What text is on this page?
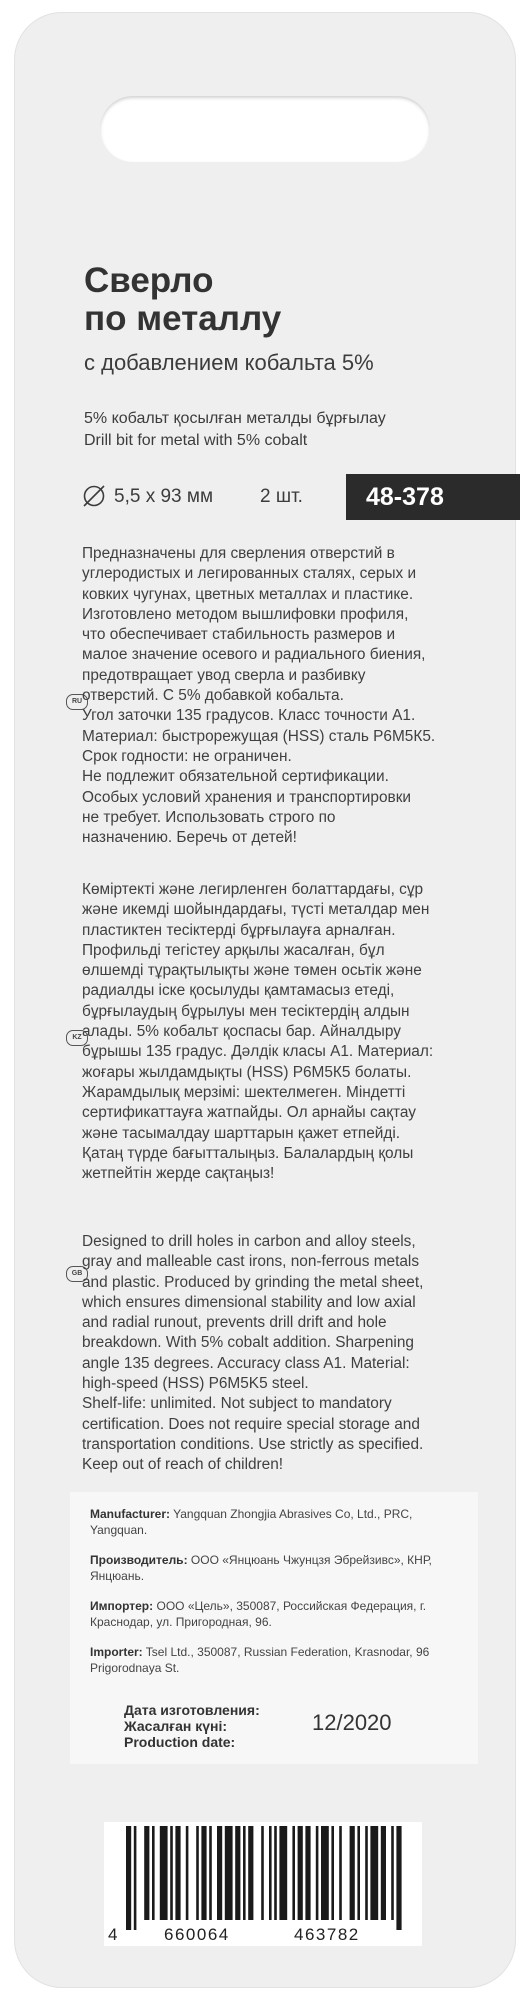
Сверло
по металлу

с добавлением кобальта 5%

5% кобальт қосылған металды бұрғылау

Drill bit for metal with 5% cobalt

5,5 х 93 мм 2 шт.	48-378
RU

Предназначены для сверления отверстий в
углеродистых и легированных сталях, серых и
ковких чугунах, цветных металлах и пластике.
Изготовлено методом вышлифовки профиля,
что обеспечивает стабильность размеров и
малое значение осевого и радиального биения,
предотвращает увод сверла и разбивку
отверстий. С 5% добавкой кобальта.
Угол заточки 135 градусов. Класс точности А1.
Материал: быстрорежущая (HSS) сталь Р6М5К5.
Срок годности: не ограничен.
Не подлежит обязательной сертификации.
Особых условий хранения и транспортировки
не требует. Использовать строго по
назначению. Беречь от детей!

KZ

Көміртекті және легирленген болаттардағы, сұр
және икемді шойындардағы, түсті металдар мен
пластиктен тесіктерді бұрғылауға арналған.
Профильді тегістеу арқылы жасалған, бұл
өлшемді тұрақтылықты және төмен осьтік және
радиалды іске қосылуды қамтамасыз етеді,
бұрғылаудың бұрылуы мен тесіктердің алдын
алады. 5% кобальт қоспасы бар. Айналдыру
бұрышы 135 градус. Дәлдік класы А1. Материал:
жоғары жылдамдықты (HSS) Р6М5К5 болаты.
Жарамдылық мерзімі: шектелмеген. Міндетті
сертификаттауға жатпайды. Ол арнайы сақтау
және тасымалдау шарттарын қажет етпейді.
Қатаң түрде бағытталыңыз. Балалардың қолы
жетпейтін жерде сақтаңыз!

GB

Designed to drill holes in carbon and alloy steels,
gray and malleable cast irons, non-ferrous metals
and plastic. Produced by grinding the metal sheet,
which ensures dimensional stability and low axial
and radial runout, prevents drill drift and hole
breakdown. With 5% cobalt addition. Sharpening
angle 135 degrees. Accuracy class A1. Material:
high-speed (HSS) P6M5K5 steel.
Shelf-life: unlimited. Not subject to mandatory
certification. Does not require special storage and
transportation conditions. Use strictly as specified.
Keep out of reach of children!

Manufacturer: Yangquan Zhongjia Abrasives Co, Ltd., PRC, Yangquan.

Производитель: ООО «Янцюань Чжунцзя Эбрейзивс», КНР, Янцюань.

Импортер: ООО «Цель», 350087, Российская Федерация, г. Краснодар, ул. Пригородная, 96.

Importer: Tsel Ltd., 350087, Russian Federation, Krasnodar, 96 Prigorodnaya St.

Дата изготовления:
Жасалған күні:
Production date:

12/2020
4	660064	463782
